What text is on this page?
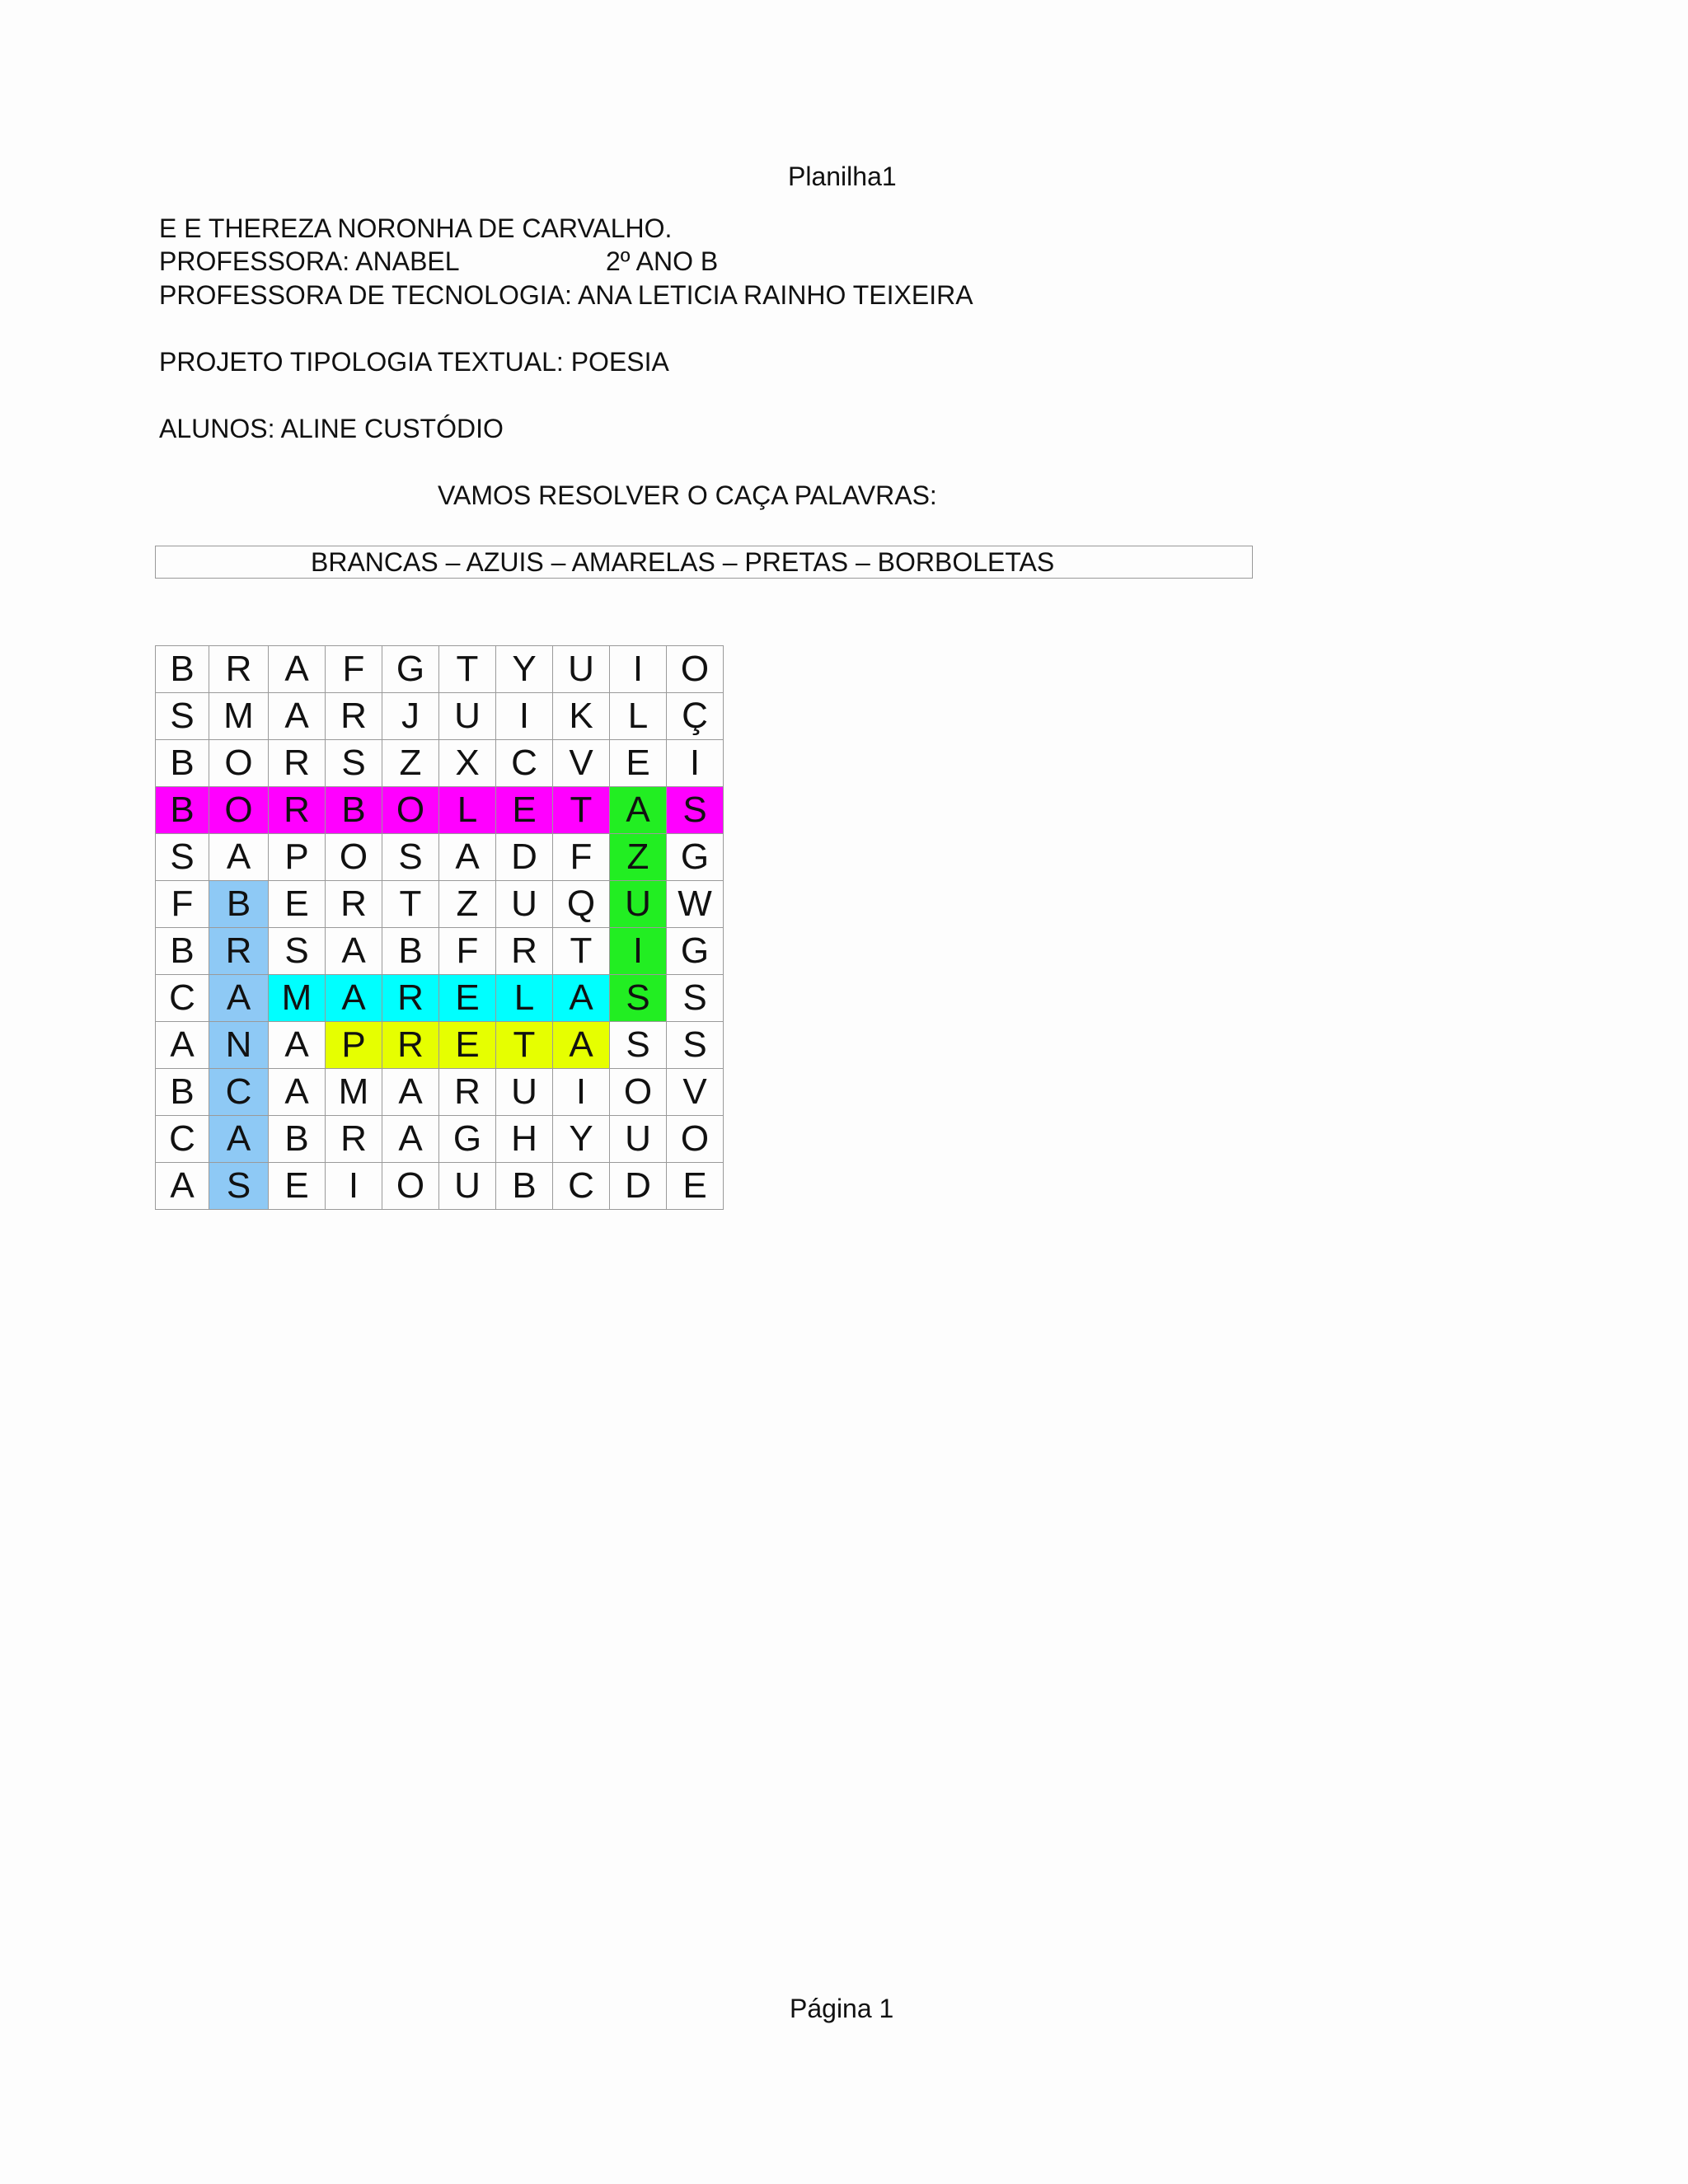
Planilha1
E E THEREZA NORONHA DE CARVALHO.
PROFESSORA: ANABEL	2º ANO B
PROFESSORA DE TECNOLOGIA: ANA LETICIA RAINHO TEIXEIRA
PROJETO TIPOLOGIA TEXTUAL: POESIA
ALUNOS: ALINE CUSTÓDIO
VAMOS RESOLVER O CAÇA PALAVRAS:
BRANCAS – AZUIS – AMARELAS – PRETAS – BORBOLETAS
B	R	A	F	G	T	Y	U	I	O
S	M	A	R	J	U	I	K	L	Ç
B	O	R	S	Z	X	C	V	E	I
B	O	R	B	O	L	E	T	A	S
S	A	P	O	S	A	D	F	Z	G
F	B	E	R	T	Z	U	Q	U	W
B	R	S	A	B	F	R	T	I	G
C	A	M	A	R	E	L	A	S	S
A	N	A	P	R	E	T	A	S	S
B	C	A	M	A	R	U	I	O	V
C	A	B	R	A	G	H	Y	U	O
A	S	E	I	O	U	B	C	D	E
Página 1
